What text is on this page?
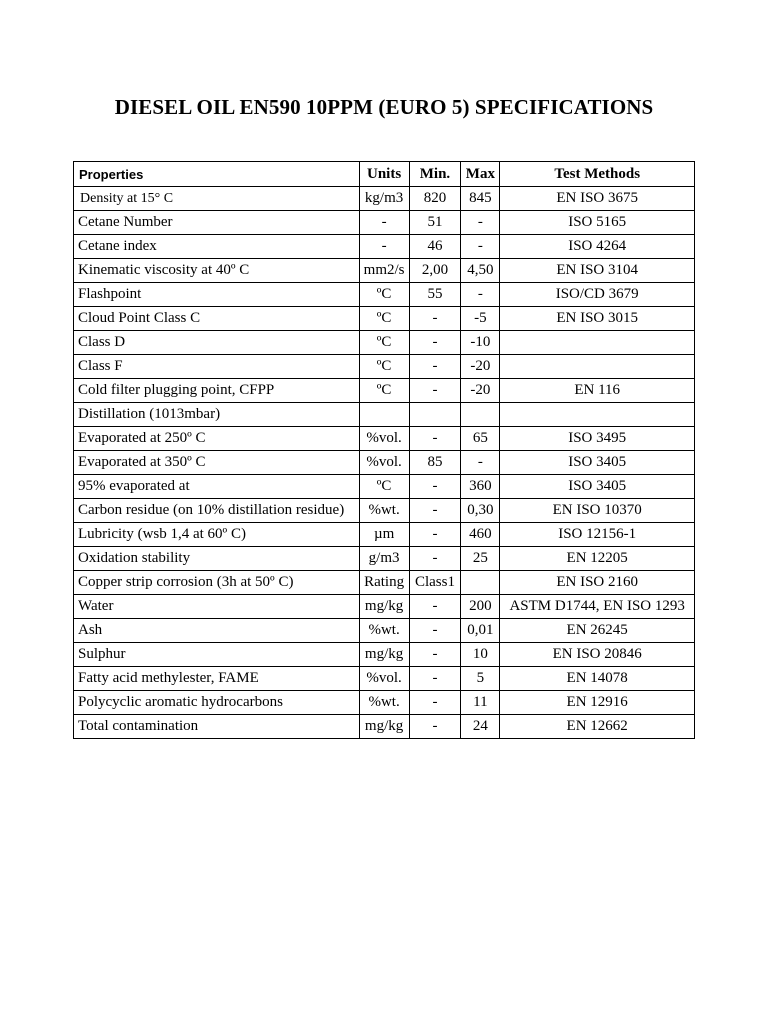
DIESEL OIL EN590 10PPM (EURO 5) SPECIFICATIONS
Properties	Units	Min.	Max	Test Methods
Density at 15° C	kg/m3	820	845	EN ISO 3675
Cetane Number	-	51	-	ISO 5165
Cetane index	-	46	-	ISO 4264
Kinematic viscosity at 40º C	mm2/s	2,00	4,50	EN ISO 3104
Flashpoint	ºC	55	-	ISO/CD 3679
Cloud Point Class C	ºC	-	-5	EN ISO 3015
Class D	ºC	-	-10	
Class F	ºC	-	-20	
Cold filter plugging point, CFPP	ºC	-	-20	EN 116
Distillation (1013mbar)				
Evaporated at 250º C	%vol.	-	65	ISO 3495
Evaporated at 350º C	%vol.	85	-	ISO 3405
95% evaporated at	ºC	-	360	ISO 3405
Carbon residue (on 10% distillation residue)	%wt.	-	0,30	EN ISO 10370
Lubricity (wsb 1,4 at 60º C)	µm	-	460	ISO 12156-1
Oxidation stability	g/m3	-	25	EN 12205
Copper strip corrosion (3h at 50º C)	Rating	Class1		EN ISO 2160
Water	mg/kg	-	200	ASTM D1744, EN ISO 1293
Ash	%wt.	-	0,01	EN 26245
Sulphur	mg/kg	-	10	EN ISO 20846
Fatty acid methylester, FAME	%vol.	-	5	EN 14078
Polycyclic aromatic hydrocarbons	%wt.	-	11	EN 12916
Total contamination	mg/kg	-	24	EN 12662
